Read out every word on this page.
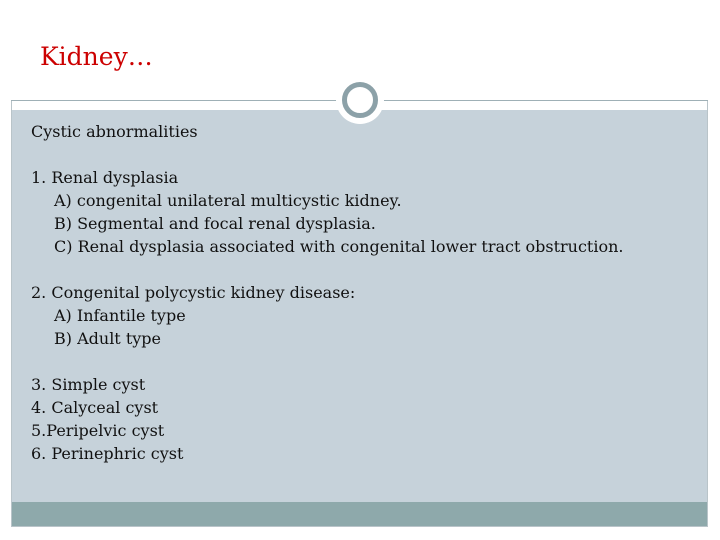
Kidney…
Cystic abnormalities
1. Renal dysplasia
A) congenital unilateral multicystic kidney.
B) Segmental and focal renal dysplasia.
C) Renal dysplasia associated with congenital lower tract obstruction.
2. Congenital polycystic kidney disease:
A) Infantile type
B) Adult type
3. Simple cyst
4. Calyceal cyst
5.Peripelvic cyst
6. Perinephric cyst
